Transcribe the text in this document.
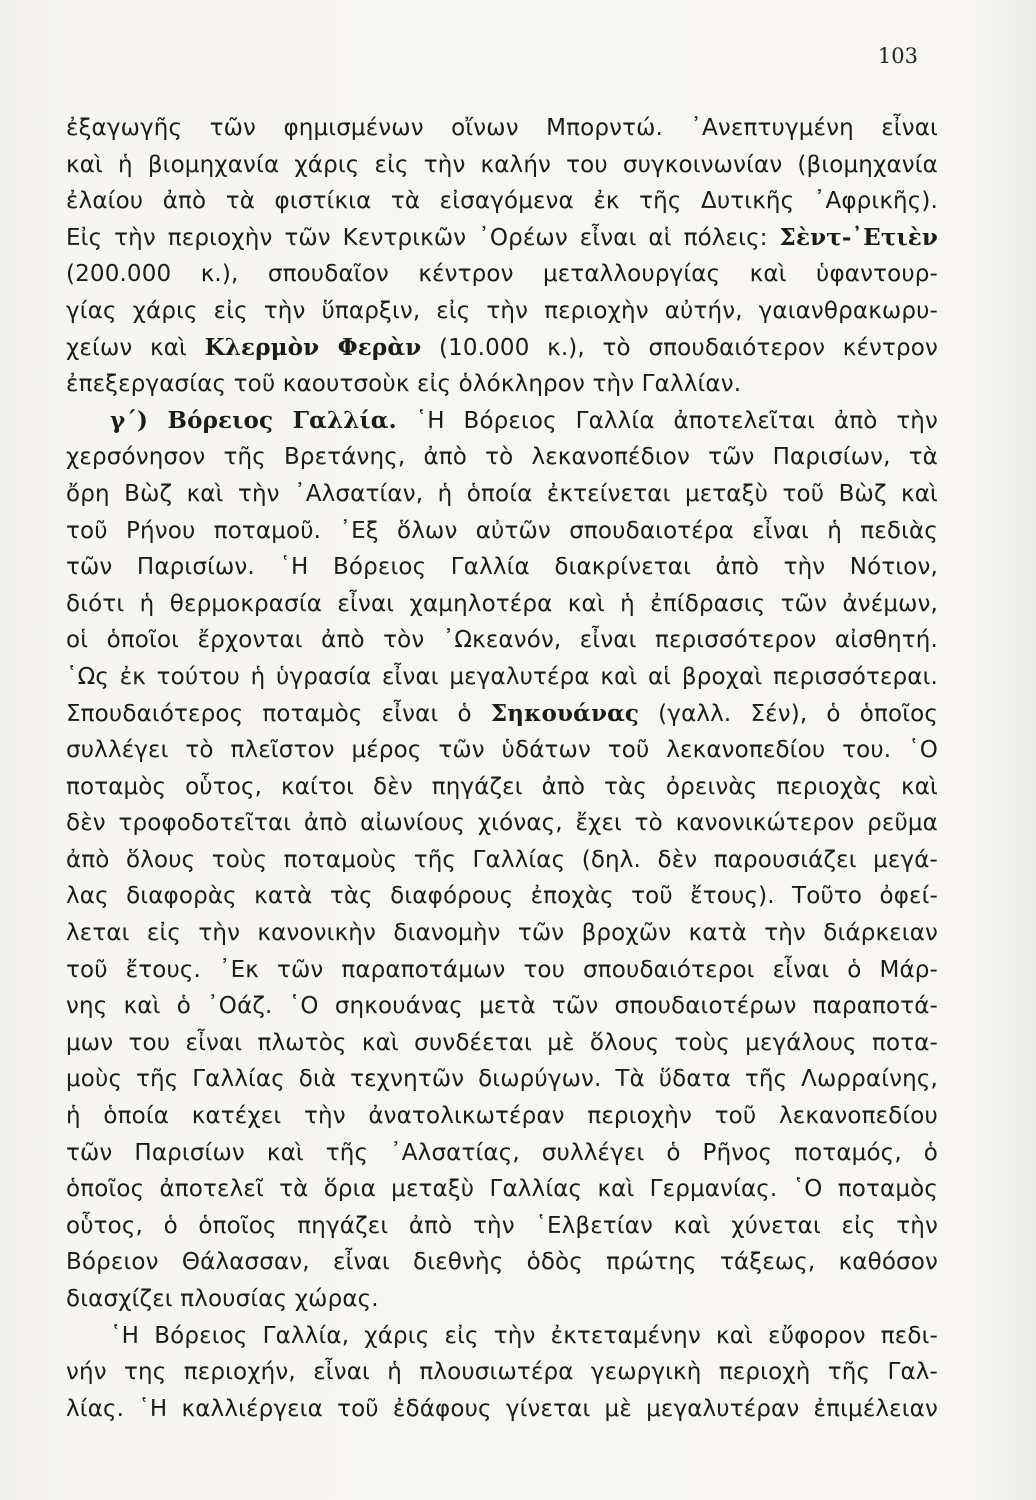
103
ἐξαγωγῆς τῶν φημισμένων οἴνων Μπορντώ. ᾿Ανεπτυγμένη εἶναι
καὶ ἡ βιομηχανία χάρις εἰς τὴν καλήν του συγκοινωνίαν (βιομηχανία
ἐλαίου ἀπὸ τὰ φιστίκια τὰ εἰσαγόμενα ἐκ τῆς Δυτικῆς ᾿Αφρικῆς).
Εἰς τὴν περιοχὴν τῶν Κεντρικῶν ᾿Ορέων εἶναι αἱ πόλεις: Σὲντ-᾿Ετιὲν
(200.000 κ.), σπουδαῖον κέντρον μεταλλουργίας καὶ ὑφαντουρ-
γίας χάρις εἰς τὴν ὕπαρξιν, εἰς τὴν περιοχὴν αὐτήν, γαιανθρακωρυ-
χείων καὶ Κλερμὸν Φερὰν (10.000 κ.), τὸ σπουδαιότερον κέντρον
ἐπεξεργασίας τοῦ καουτσοὺκ εἰς ὁλόκληρον τὴν Γαλλίαν.
γ΄) Βόρειος Γαλλία. ῾Η Βόρειος Γαλλία ἀποτελεῖται ἀπὸ τὴν
χερσόνησον τῆς Βρετάνης, ἀπὸ τὸ λεκανοπέδιον τῶν Παρισίων, τὰ
ὄρη Βὼζ καὶ τὴν ᾿Αλσατίαν, ἡ ὁποία ἐκτείνεται μεταξὺ τοῦ Βὼζ καὶ
τοῦ Ρήνου ποταμοῦ. ᾿Εξ ὅλων αὐτῶν σπουδαιοτέρα εἶναι ἡ πεδιὰς
τῶν Παρισίων. ῾Η Βόρειος Γαλλία διακρίνεται ἀπὸ τὴν Νότιον,
διότι ἡ θερμοκρασία εἶναι χαμηλοτέρα καὶ ἡ ἐπίδρασις τῶν ἀνέμων,
οἱ ὁποῖοι ἔρχονται ἀπὸ τὸν ᾿Ωκεανόν, εἶναι περισσότερον αἰσθητή.
῾Ως ἐκ τούτου ἡ ὑγρασία εἶναι μεγαλυτέρα καὶ αἱ βροχαὶ περισσότεραι.
Σπουδαιότερος ποταμὸς εἶναι ὁ Σηκουάνας (γαλλ. Σέν), ὁ ὁποῖος
συλλέγει τὸ πλεῖστον μέρος τῶν ὑδάτων τοῦ λεκανοπεδίου του. ῾Ο
ποταμὸς οὗτος, καίτοι δὲν πηγάζει ἀπὸ τὰς ὀρεινὰς περιοχὰς καὶ
δὲν τροφοδοτεῖται ἀπὸ αἰωνίους χιόνας, ἔχει τὸ κανονικώτερον ρεῦμα
ἀπὸ ὅλους τοὺς ποταμοὺς τῆς Γαλλίας (δηλ. δὲν παρουσιάζει μεγά-
λας διαφορὰς κατὰ τὰς διαφόρους ἐποχὰς τοῦ ἔτους). Τοῦτο ὀφεί-
λεται εἰς τὴν κανονικὴν διανομὴν τῶν βροχῶν κατὰ τὴν διάρκειαν
τοῦ ἔτους. ᾿Εκ τῶν παραποτάμων του σπουδαιότεροι εἶναι ὁ Μάρ-
νης καὶ ὁ ᾿Οάζ. ῾Ο σηκουάνας μετὰ τῶν σπουδαιοτέρων παραποτά-
μων του εἶναι πλωτὸς καὶ συνδέεται μὲ ὅλους τοὺς μεγάλους ποτα-
μοὺς τῆς Γαλλίας διὰ τεχνητῶν διωρύγων. Τὰ ὕδατα τῆς Λωρραίνης,
ἡ ὁποία κατέχει τὴν ἀνατολικωτέραν περιοχὴν τοῦ λεκανοπεδίου
τῶν Παρισίων καὶ τῆς ᾿Αλσατίας, συλλέγει ὁ Ρῆνος ποταμός, ὁ
ὁποῖος ἀποτελεῖ τὰ ὅρια μεταξὺ Γαλλίας καὶ Γερμανίας. ῾Ο ποταμὸς
οὗτος, ὁ ὁποῖος πηγάζει ἀπὸ τὴν ῾Ελβετίαν καὶ χύνεται εἰς τὴν
Βόρειον Θάλασσαν, εἶναι διεθνὴς ὁδὸς πρώτης τάξεως, καθόσον
διασχίζει πλουσίας χώρας.
῾Η Βόρειος Γαλλία, χάρις εἰς τὴν ἐκτεταμένην καὶ εὔφορον πεδι-
νήν της περιοχήν, εἶναι ἡ πλουσιωτέρα γεωργικὴ περιοχὴ τῆς Γαλ-
λίας. ῾Η καλλιέργεια τοῦ ἐδάφους γίνεται μὲ μεγαλυτέραν ἐπιμέλειαν
